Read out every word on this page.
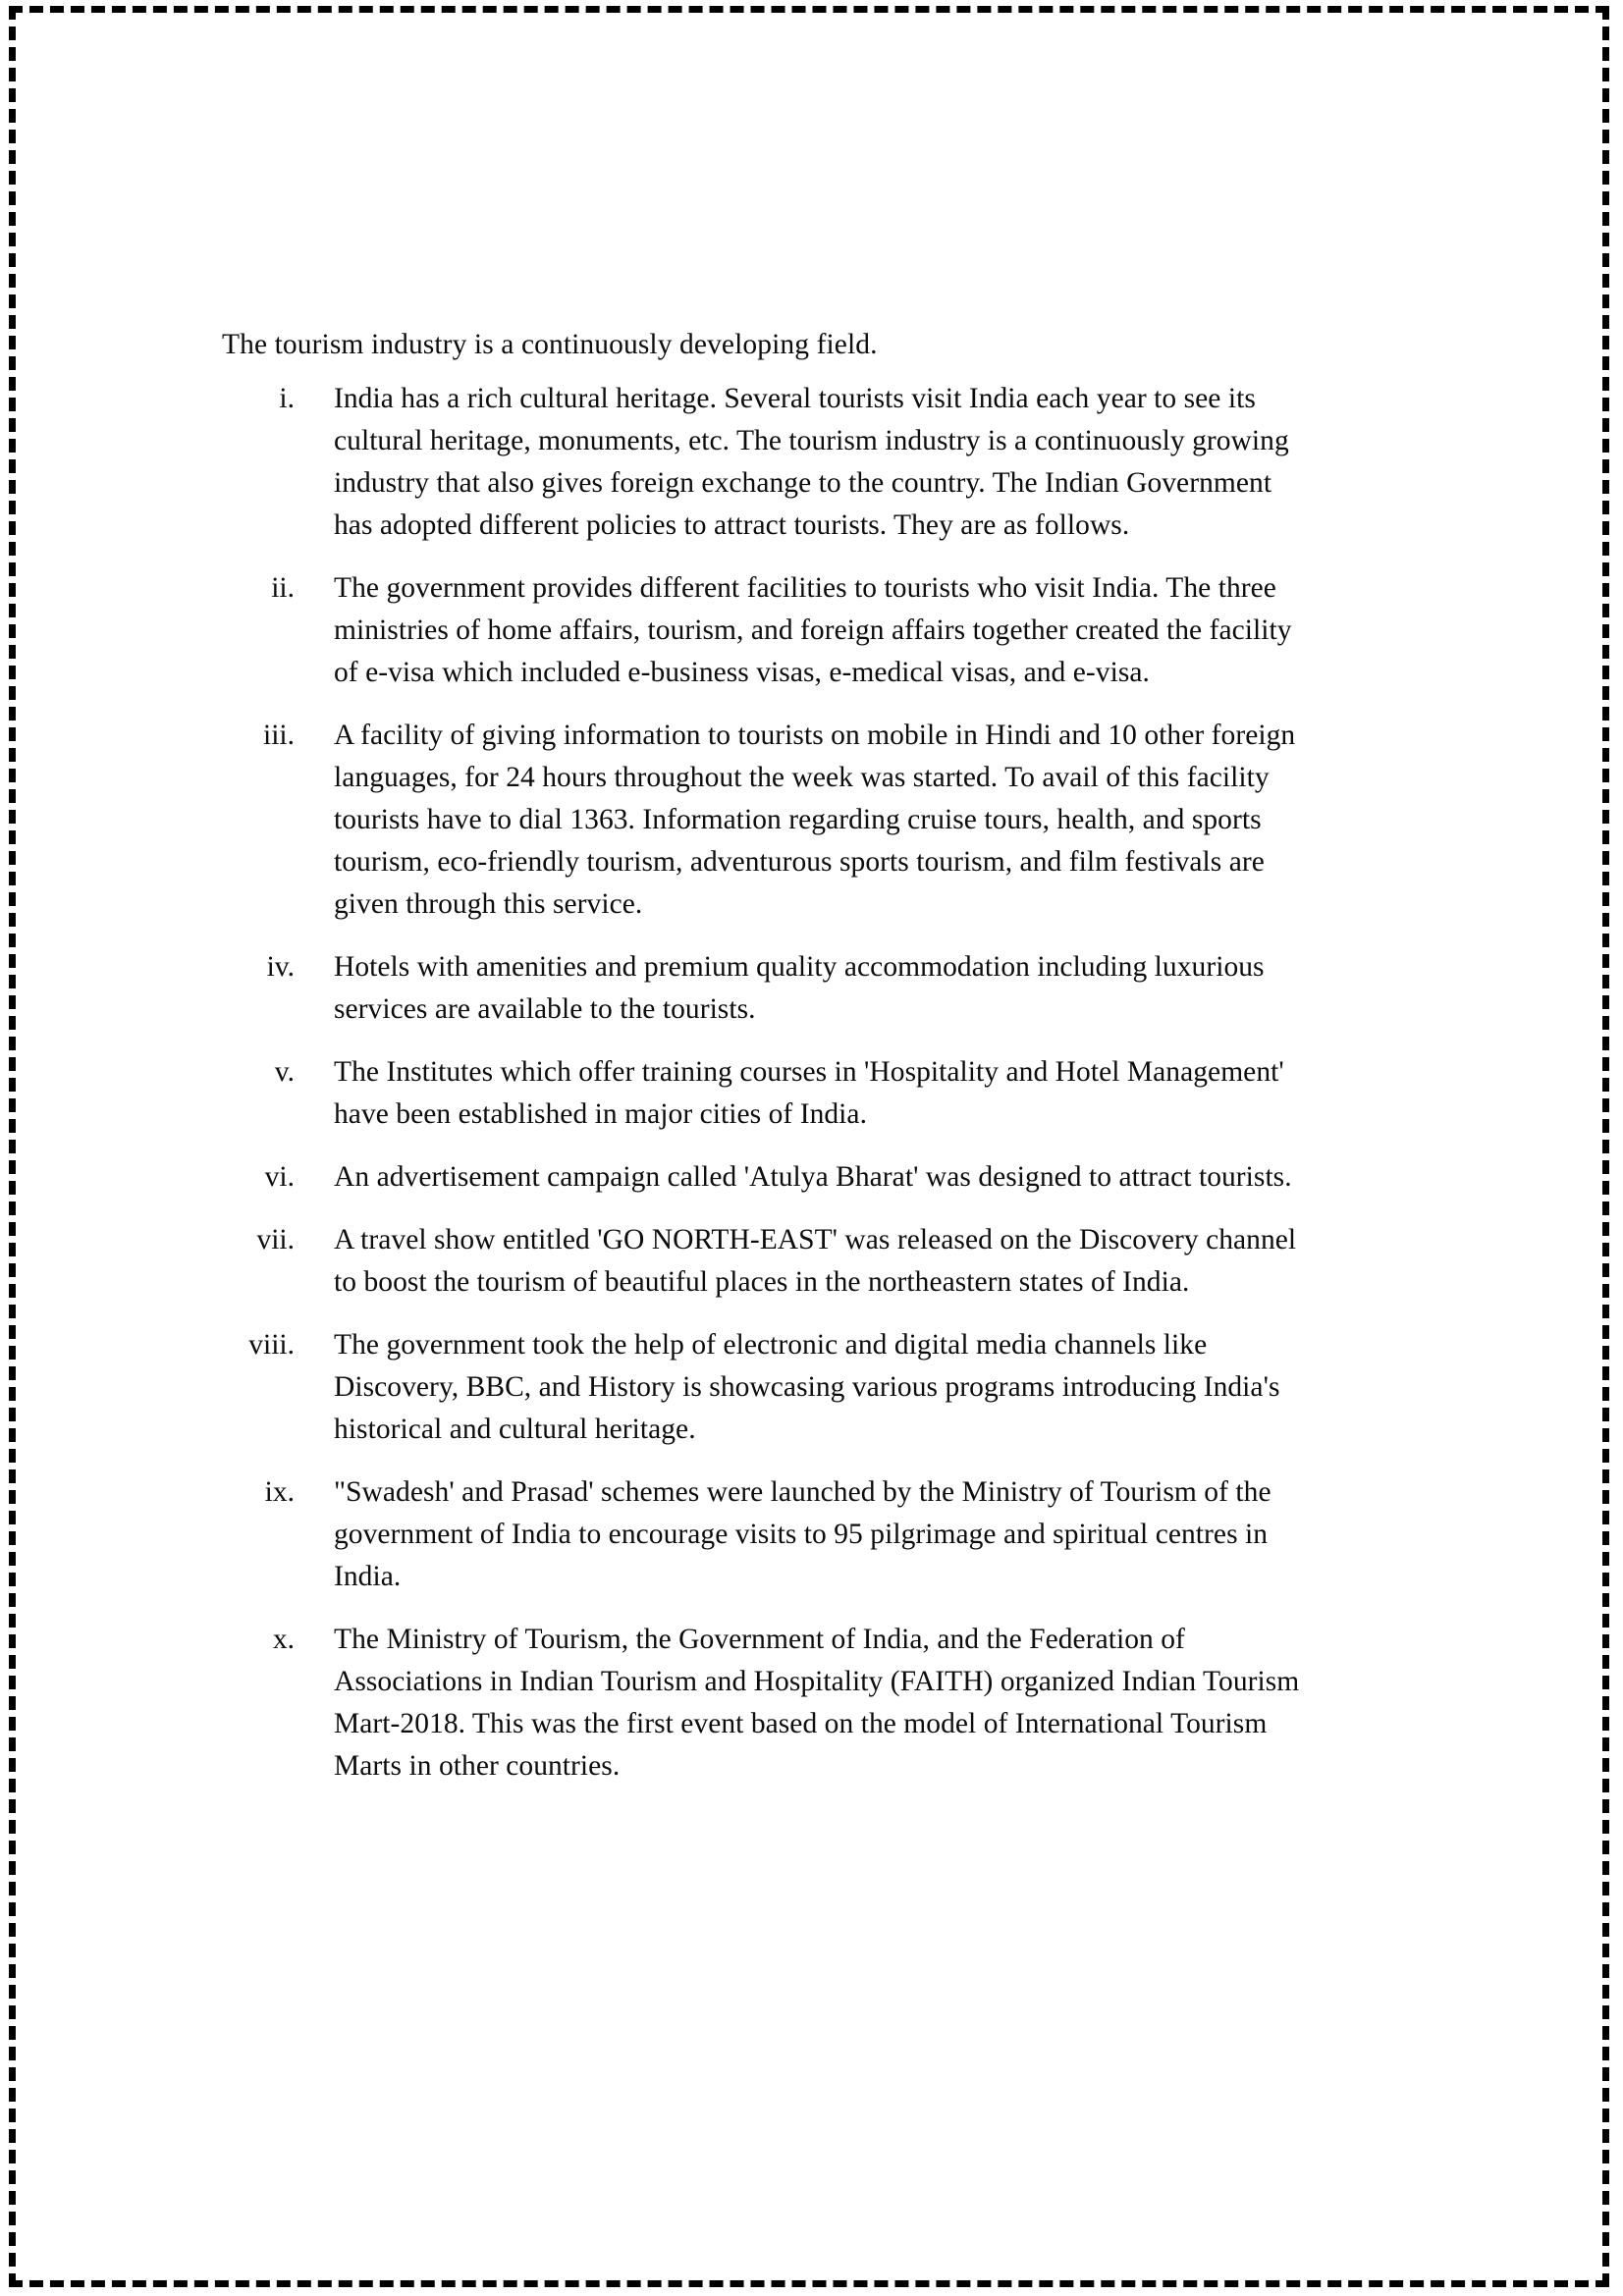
The tourism industry is a continuously developing field.

i.	India has a rich cultural heritage. Several tourists visit India each year to see its cultural heritage, monuments, etc. The tourism industry is a continuously growing industry that also gives foreign exchange to the country. The Indian Government has adopted different policies to attract tourists. They are as follows.
ii.	The government provides different facilities to tourists who visit India. The three ministries of home affairs, tourism, and foreign affairs together created the facility of e-visa which included e-business visas, e-medical visas, and e-visa.
iii.	A facility of giving information to tourists on mobile in Hindi and 10 other foreign languages, for 24 hours throughout the week was started. To avail of this facility tourists have to dial 1363. Information regarding cruise tours, health, and sports tourism, eco-friendly tourism, adventurous sports tourism, and film festivals are given through this service.
iv.	Hotels with amenities and premium quality accommodation including luxurious services are available to the tourists.
v.	The Institutes which offer training courses in 'Hospitality and Hotel Management' have been established in major cities of India.
vi.	An advertisement campaign called 'Atulya Bharat' was designed to attract tourists.
vii.	A travel show entitled 'GO NORTH-EAST' was released on the Discovery channel to boost the tourism of beautiful places in the northeastern states of India.
viii.	The government took the help of electronic and digital media channels like Discovery, BBC, and History is showcasing various programs introducing India's historical and cultural heritage.
ix.	"Swadesh' and Prasad' schemes were launched by the Ministry of Tourism of the government of India to encourage visits to 95 pilgrimage and spiritual centres in India.
x.	The Ministry of Tourism, the Government of India, and the Federation of Associations in Indian Tourism and Hospitality (FAITH) organized Indian Tourism Mart-2018. This was the first event based on the model of International Tourism Marts in other countries.
